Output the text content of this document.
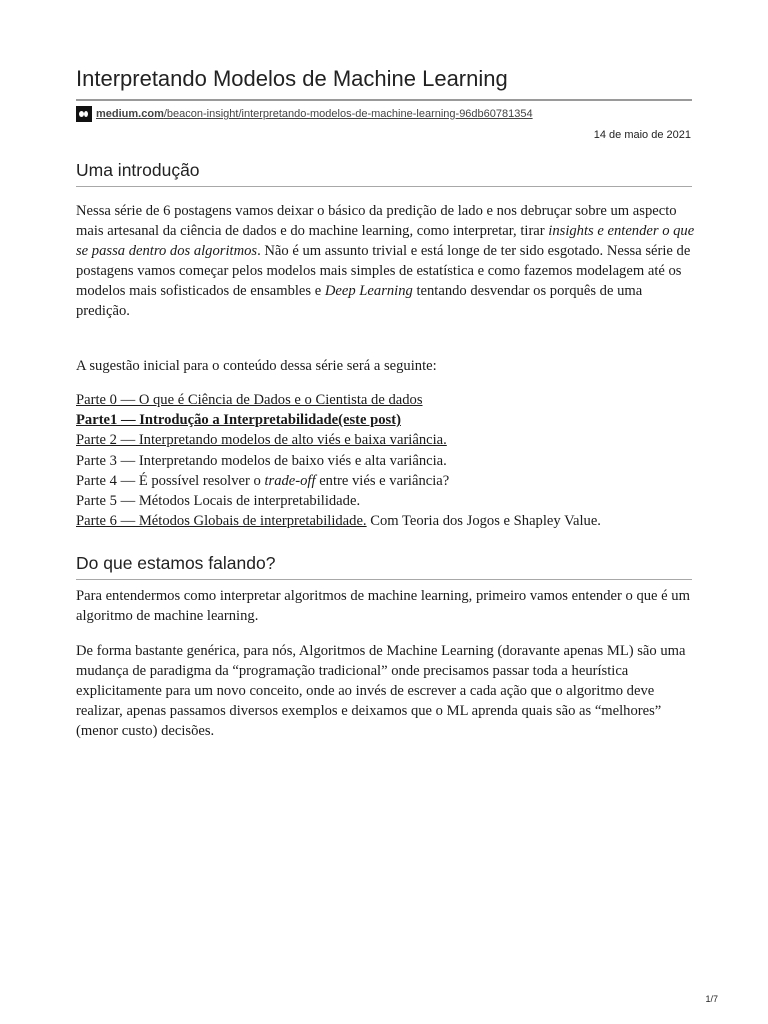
Interpretando Modelos de Machine Learning
medium.com/beacon-insight/interpretando-modelos-de-machine-learning-96db60781354
14 de maio de 2021
Uma introdução

Nessa série de 6 postagens vamos deixar o básico da predição de lado e nos debruçar sobre um aspecto mais artesanal da ciência de dados e do machine learning, como interpretar, tirar insights e entender o que se passa dentro dos algoritmos. Não é um assunto trivial e está longe de ter sido esgotado. Nessa série de postagens vamos começar pelos modelos mais simples de estatística e como fazemos modelagem até os modelos mais sofisticados de ensambles e Deep Learning tentando desvendar os porquês de uma predição.

A sugestão inicial para o conteúdo dessa série será a seguinte:

Parte 0 — O que é Ciência de Dados e o Cientista de dados
Parte1 — Introdução a Interpretabilidade(este post)
Parte 2 — Interpretando modelos de alto viés e baixa variância.
Parte 3 — Interpretando modelos de baixo viés e alta variância.
Parte 4 — É possível resolver o trade-off entre viés e variância?
Parte 5 — Métodos Locais de interpretabilidade.
Parte 6 — Métodos Globais de interpretabilidade. Com Teoria dos Jogos e Shapley Value.
Do que estamos falando?

Para entendermos como interpretar algoritmos de machine learning, primeiro vamos entender o que é um algoritmo de machine learning.

De forma bastante genérica, para nós, Algoritmos de Machine Learning (doravante apenas ML) são uma mudança de paradigma da “programação tradicional” onde precisamos passar toda a heurística explicitamente para um novo conceito, onde ao invés de escrever a cada ação que o algoritmo deve realizar, apenas passamos diversos exemplos e deixamos que o ML aprenda quais são as “melhores” (menor custo) decisões.

1/7
